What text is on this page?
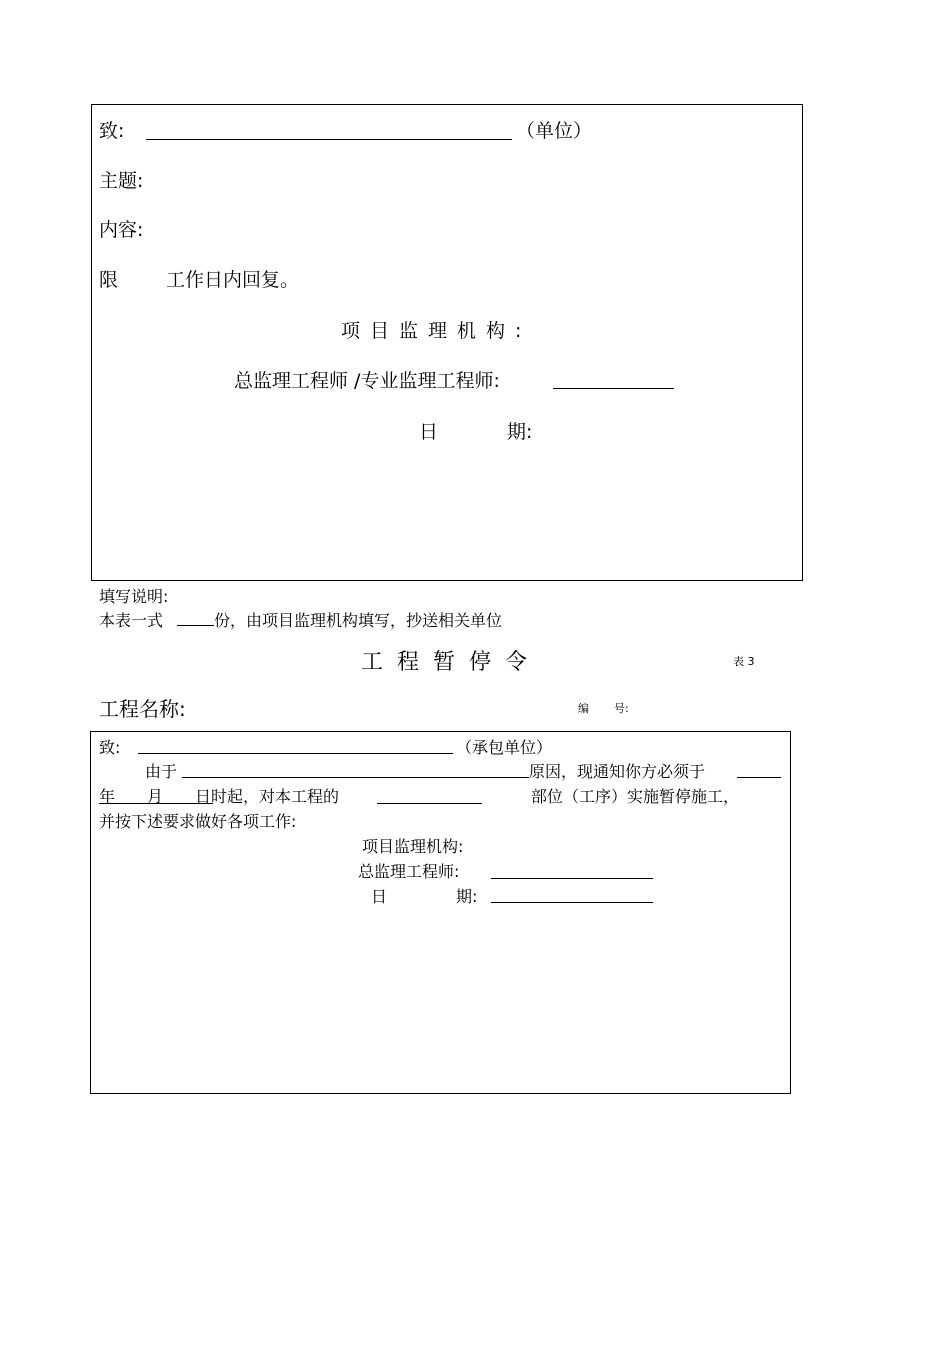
致:	（单位）
主题:
内容:
限	工作日内回复。
项目监理机构:
总监理工程师 /专业监理工程师:
日	期:
填写说明:
本表一式	份，由项目监理机构填写，抄送相关单位
工程暂停令	表 3
工程名称:	编 号:
致:	（承包单位）
由于	原因，现通知你方必须于
年 月 日时起，对本工程的	部位（工序）实施暂停施工，
并按下述要求做好各项工作:
项目监理机构:
总监理工程师:
日	期:
